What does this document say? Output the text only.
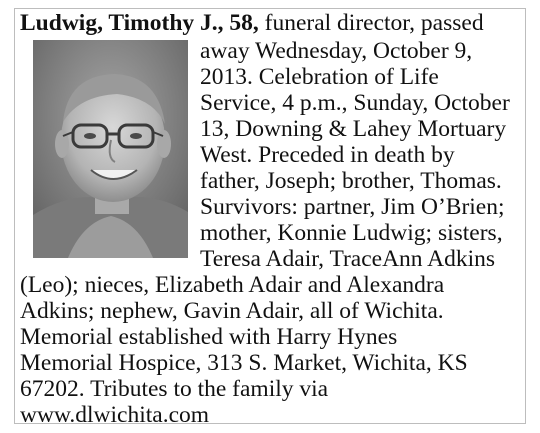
Ludwig, Timothy J., 58, funeral director, passed
away Wednesday, October 9,
2013. Celebration of Life
Service, 4 p.m., Sunday, October
13, Downing & Lahey Mortuary
West. Preceded in death by
father, Joseph; brother, Thomas.
Survivors: partner, Jim O’Brien;
mother, Konnie Ludwig; sisters,
Teresa Adair, TraceAnn Adkins
(Leo); nieces, Elizabeth Adair and Alexandra
Adkins; nephew, Gavin Adair, all of Wichita.
Memorial established with Harry Hynes
Memorial Hospice, 313 S. Market, Wichita, KS
67202. Tributes to the family via
www.dlwichita.com
